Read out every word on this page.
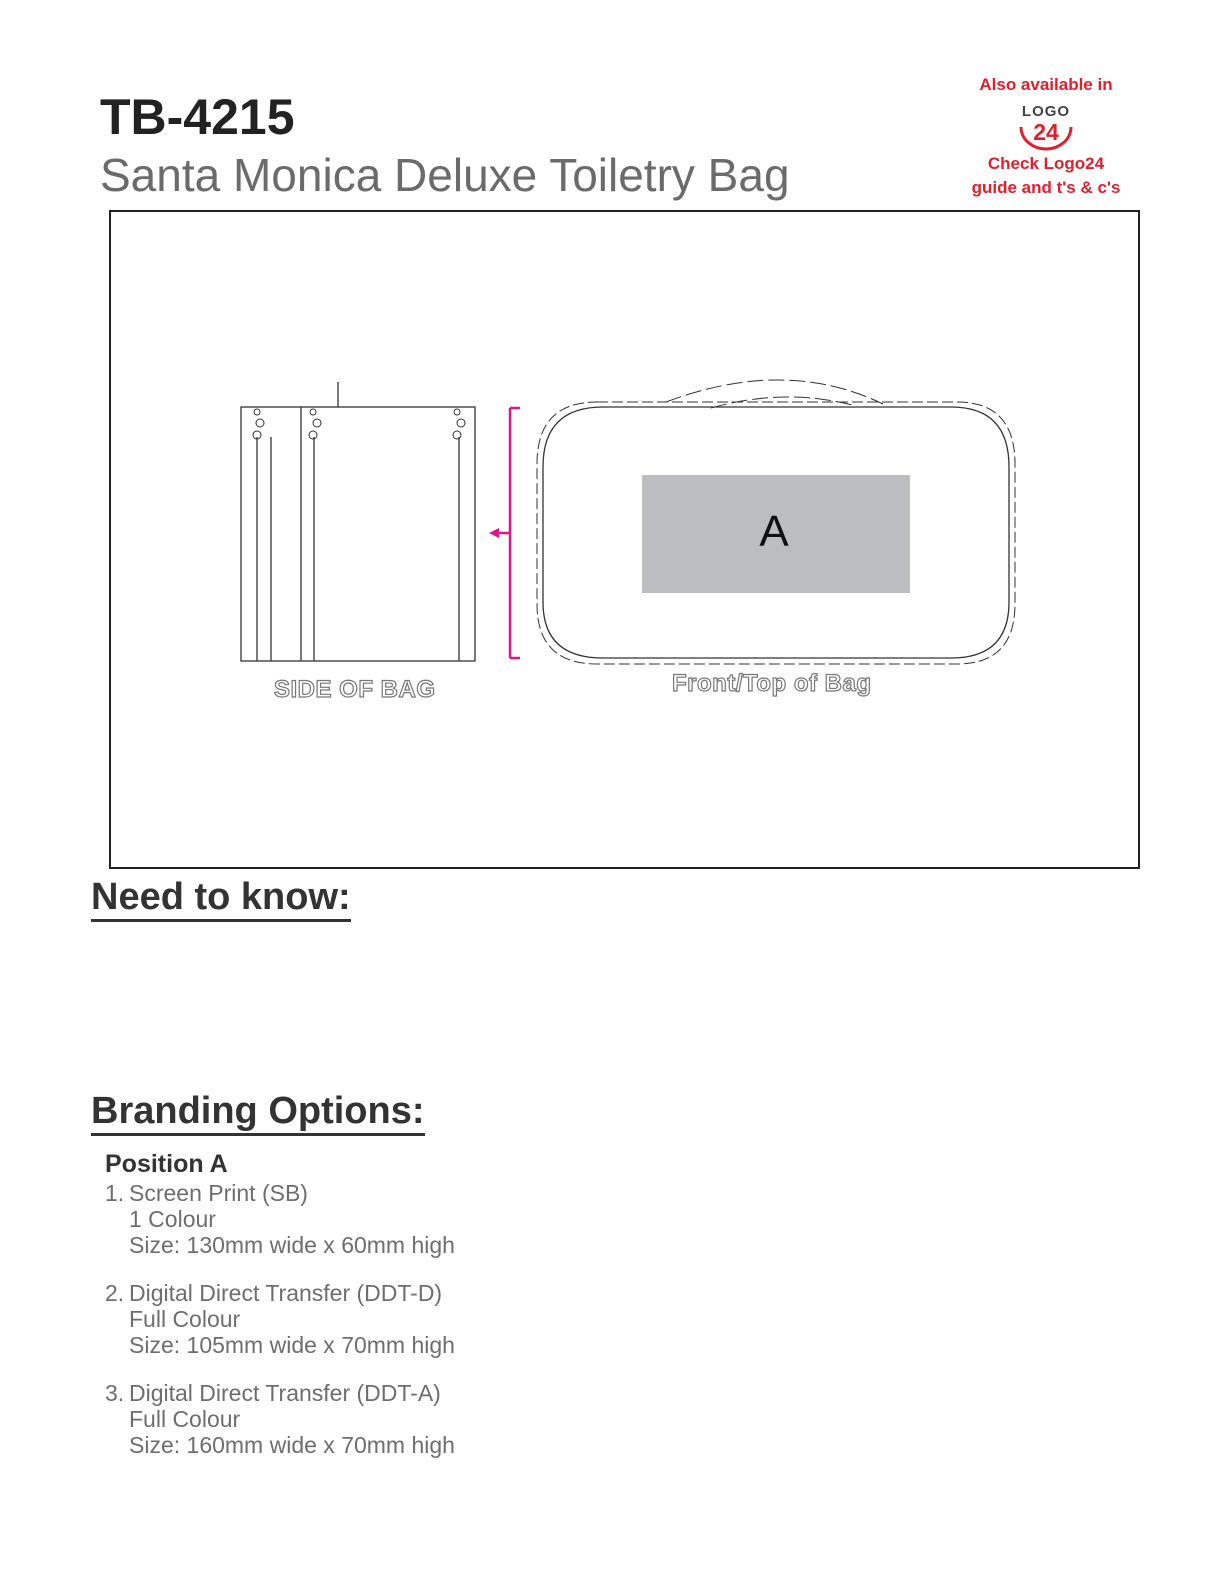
TB-4215
Santa Monica Deluxe Toiletry Bag
Also available in
LOGO
24
Check Logo24
guide and t's & c's
A
SIDE OF BAG	Front/Top of Bag
Need to know:
Branding Options:
Position A
1. Screen Print (SB)
1 Colour
Size: 130mm wide x 60mm high
2. Digital Direct Transfer (DDT-D)
Full Colour
Size: 105mm wide x 70mm high
3. Digital Direct Transfer (DDT-A)
Full Colour
Size: 160mm wide x 70mm high
